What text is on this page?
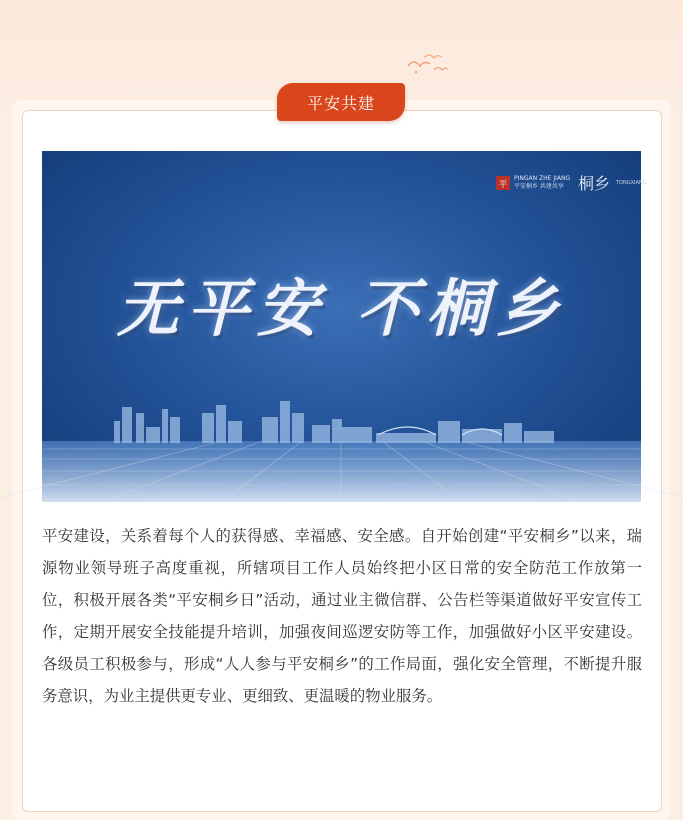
平安共建
平
PINGAN ZHE JIANG
平安桐乡 共建共享 桐乡 TONGXIANG
无平安 不桐乡

平安建设，关系着每个人的获得感、幸福感、安全感。自开始创建“平安桐乡”以来，瑞源物业领导班子高度重视，所辖项目工作人员始终把小区日常的安全防范工作放第一位，积极开展各类“平安桐乡日”活动，通过业主微信群、公告栏等渠道做好平安宣传工作，定期开展安全技能提升培训，加强夜间巡逻安防等工作，加强做好小区平安建设。各级员工积极参与，形成“人人参与平安桐乡”的工作局面，强化安全管理，不断提升服务意识，为业主提供更专业、更细致、更温暖的物业服务。
